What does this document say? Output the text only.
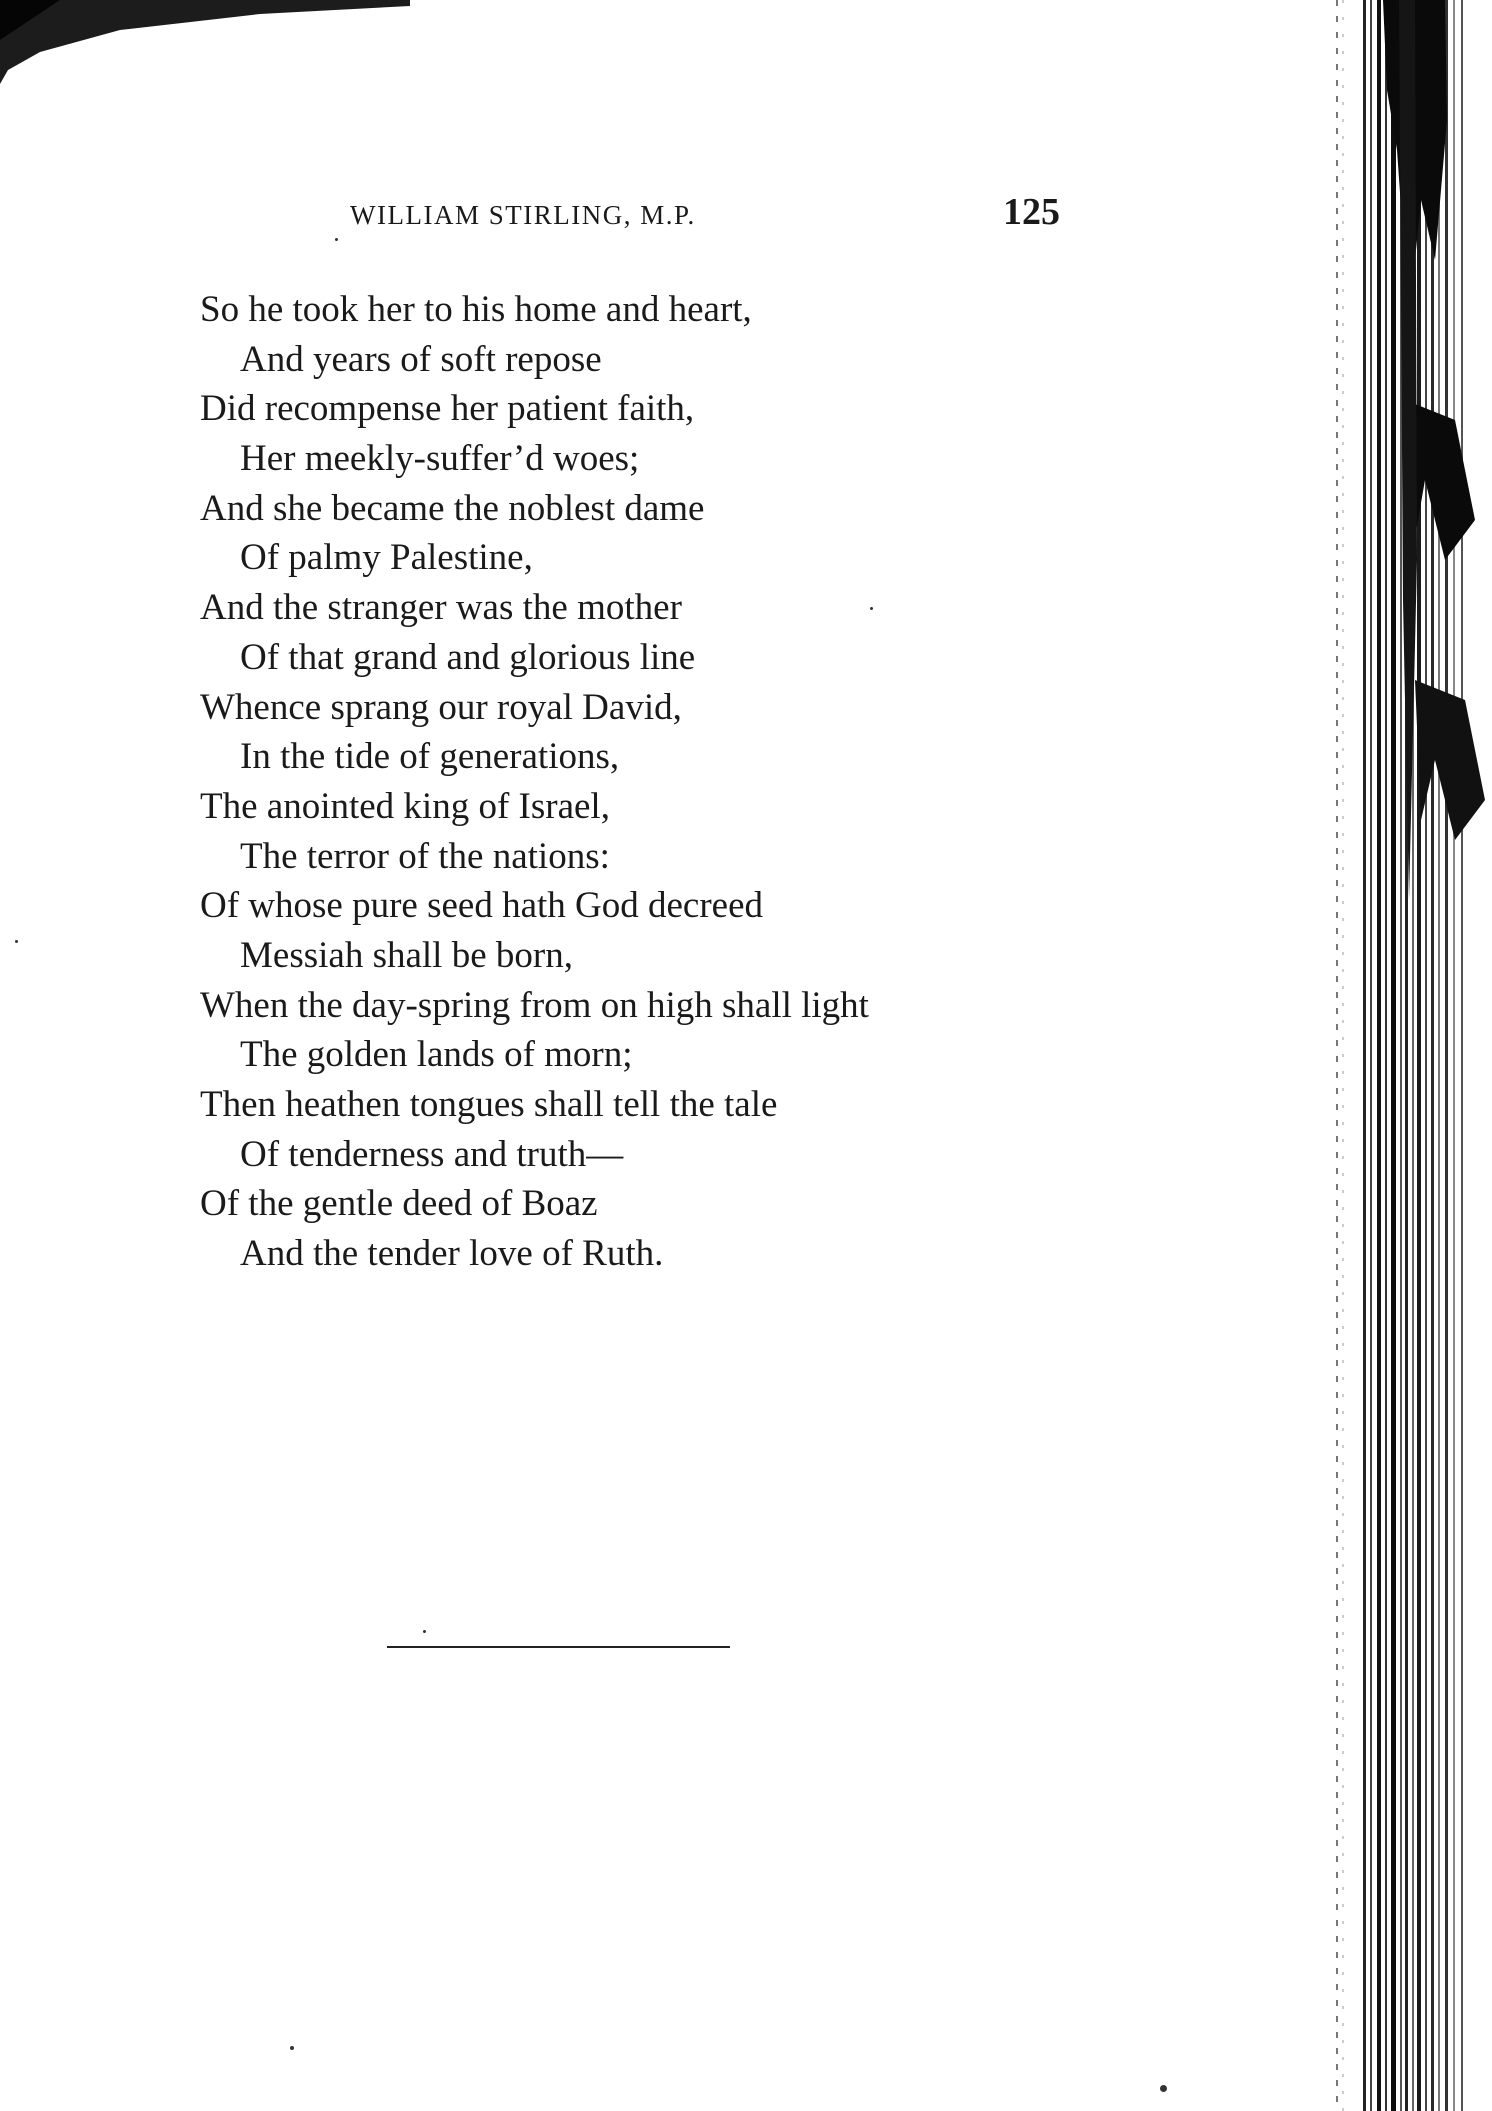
WILLIAM STIRLING, M.P.	125
So he took her to his home and heart,
And years of soft repose
Did recompense her patient faith,
Her meekly-suffer’d woes;
And she became the noblest dame
Of palmy Palestine,
And the stranger was the mother
Of that grand and glorious line
Whence sprang our royal David,
In the tide of generations,
The anointed king of Israel,
The terror of the nations:
Of whose pure seed hath God decreed
Messiah shall be born,
When the day-spring from on high shall light
The golden lands of morn;
Then heathen tongues shall tell the tale
Of tenderness and truth—
Of the gentle deed of Boaz
And the tender love of Ruth.
